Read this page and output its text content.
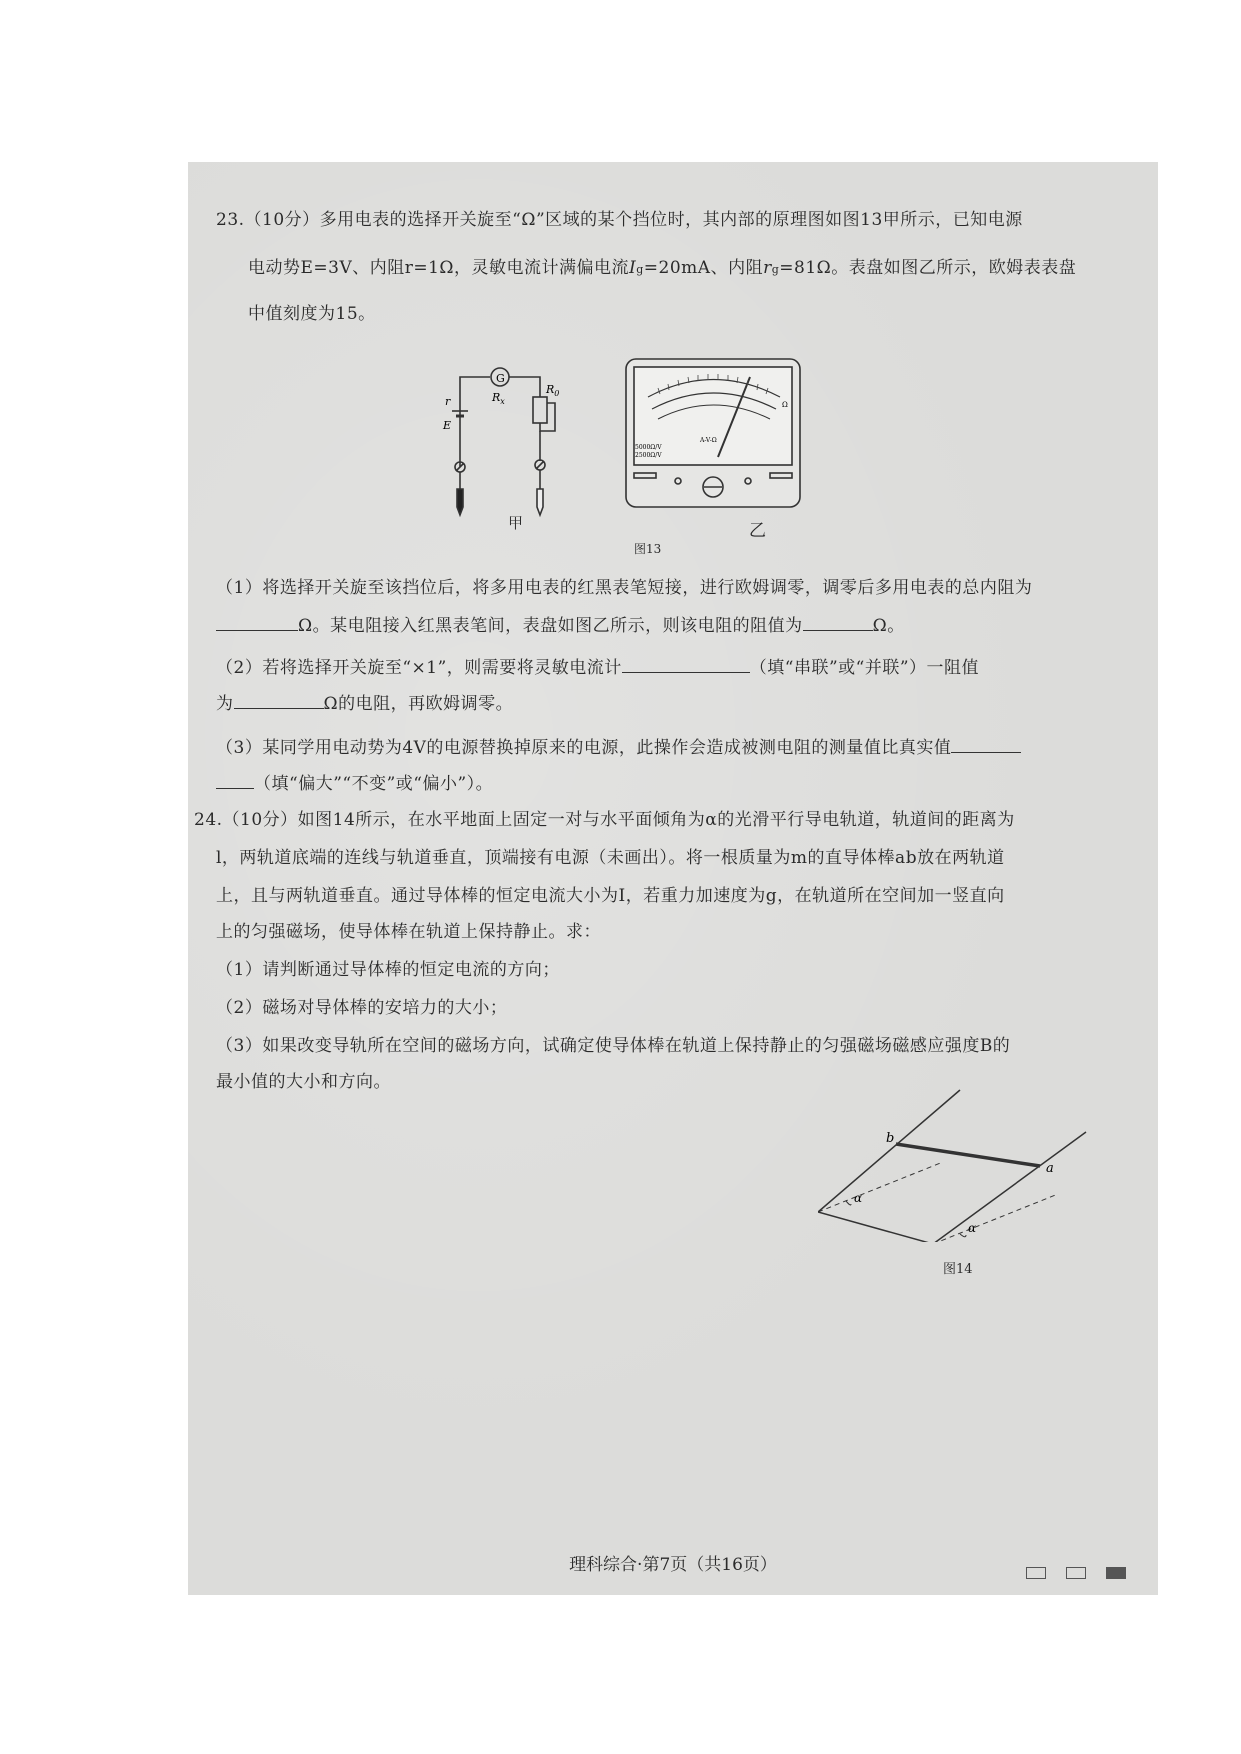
23.（10分）多用电表的选择开关旋至“Ω”区域的某个挡位时，其内部的原理图如图13甲所示，已知电源
电动势E=3V、内阻r=1Ω，灵敏电流计满偏电流Ig=20mA、内阻rg=81Ω。表盘如图乙所示，欧姆表表盘
中值刻度为15。
G
$R_x$
$R_0$
r
E
5000Ω/V
2500Ω/V
A-V-Ω
Ω
甲	乙
图13
（1）将选择开关旋至该挡位后，将多用电表的红黑表笔短接，进行欧姆调零，调零后多用电表的总内阻为
Ω。某电阻接入红黑表笔间，表盘如图乙所示，则该电阻的阻值为	Ω。
（2）若将选择开关旋至“×1”，则需要将灵敏电流计	（填“串联”或“并联”）一阻值
为	Ω的电阻，再欧姆调零。
（3）某同学用电动势为4V的电源替换掉原来的电源，此操作会造成被测电阻的测量值比真实值
（填“偏大”“不变”或“偏小”）。
24.（10分）如图14所示，在水平地面上固定一对与水平面倾角为α的光滑平行导电轨道，轨道间的距离为
l，两轨道底端的连线与轨道垂直，顶端接有电源（未画出）。将一根质量为m的直导体棒ab放在两轨道
上，且与两轨道垂直。通过导体棒的恒定电流大小为I，若重力加速度为g，在轨道所在空间加一竖直向
上的匀强磁场，使导体棒在轨道上保持静止。求：
（1）请判断通过导体棒的恒定电流的方向；
（2）磁场对导体棒的安培力的大小；
（3）如果改变导轨所在空间的磁场方向，试确定使导体棒在轨道上保持静止的匀强磁场磁感应强度B的
最小值的大小和方向。
b
a
α
α
图14
理科综合·第7页（共16页）
